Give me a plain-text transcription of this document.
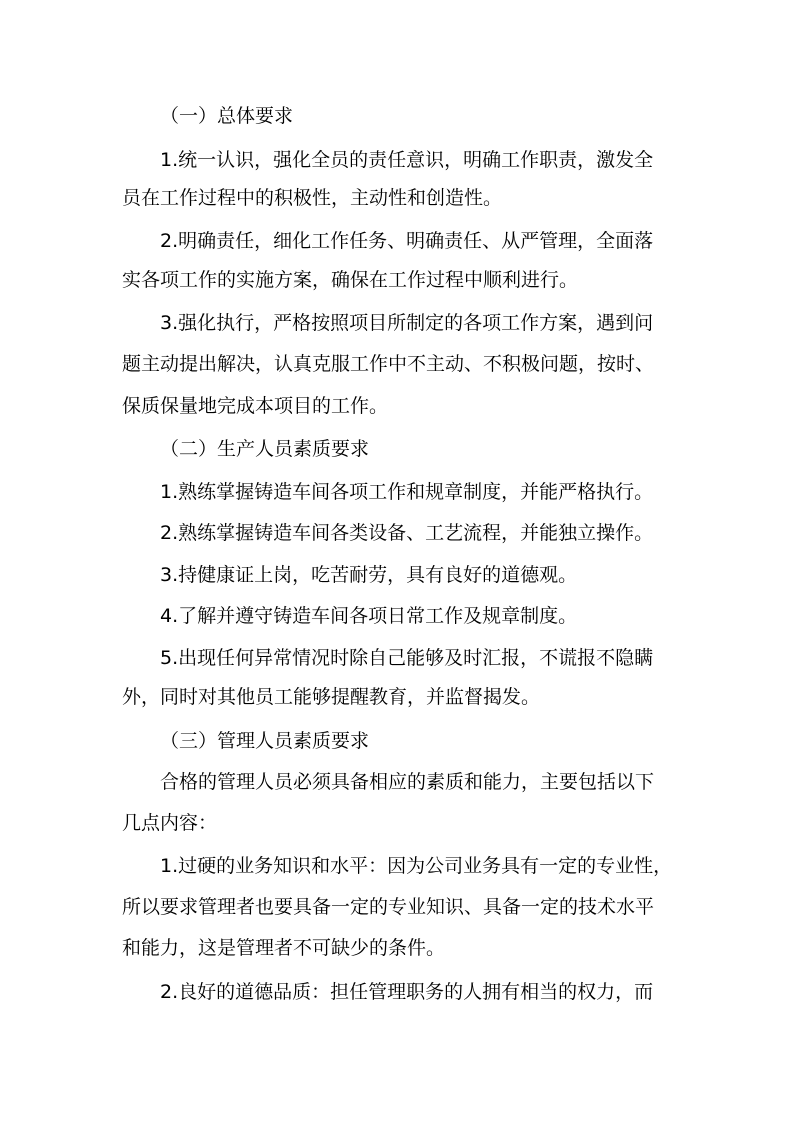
（一）总体要求
1.统一认识，强化全员的责任意识，明确工作职责，激发全
员在工作过程中的积极性，主动性和创造性。
2.明确责任，细化工作任务、明确责任、从严管理，全面落
实各项工作的实施方案，确保在工作过程中顺利进行。
3.强化执行，严格按照项目所制定的各项工作方案，遇到问
题主动提出解决，认真克服工作中不主动、不积极问题，按时、
保质保量地完成本项目的工作。
（二）生产人员素质要求
1.熟练掌握铸造车间各项工作和规章制度，并能严格执行。
2.熟练掌握铸造车间各类设备、工艺流程，并能独立操作。
3.持健康证上岗，吃苦耐劳，具有良好的道德观。
4.了解并遵守铸造车间各项日常工作及规章制度。
5.出现任何异常情况时除自己能够及时汇报，不谎报不隐瞒
外，同时对其他员工能够提醒教育，并监督揭发。
（三）管理人员素质要求
合格的管理人员必须具备相应的素质和能力，主要包括以下
几点内容：
1.过硬的业务知识和水平：因为公司业务具有一定的专业性，
所以要求管理者也要具备一定的专业知识、具备一定的技术水平
和能力，这是管理者不可缺少的条件。
2.良好的道德品质：担任管理职务的人拥有相当的权力，而
